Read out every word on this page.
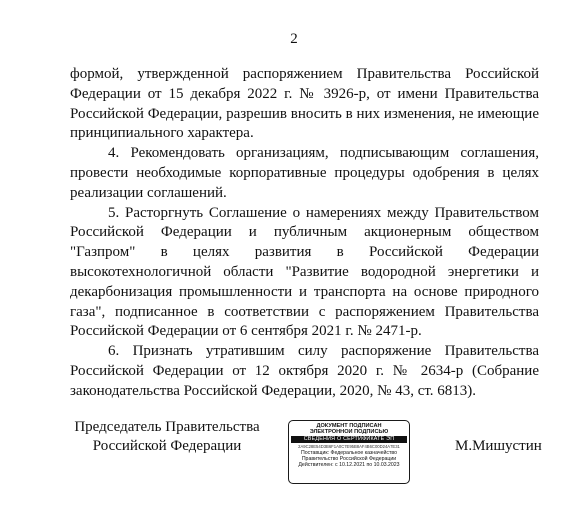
2

формой, утвержденной распоряжением Правительства Российской Федерации от 15 декабря 2022 г. № 3926-р, от имени Правительства Российской Федерации, разрешив вносить в них изменения, не имеющие принципиального характера.

4. Рекомендовать организациям, подписывающим соглашения, провести необходимые корпоративные процедуры одобрения в целях реализации соглашений.

5. Расторгнуть Соглашение о намерениях между Правительством Российской Федерации и публичным акционерным обществом "Газпром" в целях развития в Российской Федерации высокотехнологичной области "Развитие водородной энергетики и декарбонизация промышленности и транспорта на основе природного газа", подписанное в соответствии с распоряжением Правительства Российской Федерации от 6 сентября 2021 г. № 2471-р.

6. Признать утратившим силу распоряжение Правительства Российской Федерации от 12 октября 2020 г. № 2634-р (Собрание законодательства Российской Федерации, 2020, № 43, ст. 6813).

Председатель Правительства
Российской Федерации
ДОКУМЕНТ ПОДПИСАН
ЭЛЕКТРОННОЙ ПОДПИСЬЮ
СВЕДЕНИЯ О СЕРТИФИКАТЕ ЭП
2A9C28E54D3B6F1A0C7E95B8AF4B6C00D24A7E31
Поставщик: Федеральное казначейство
Правительство Российской Федерации
Действителен: с 10.12.2021 по 10.03.2023
М.Мишустин
